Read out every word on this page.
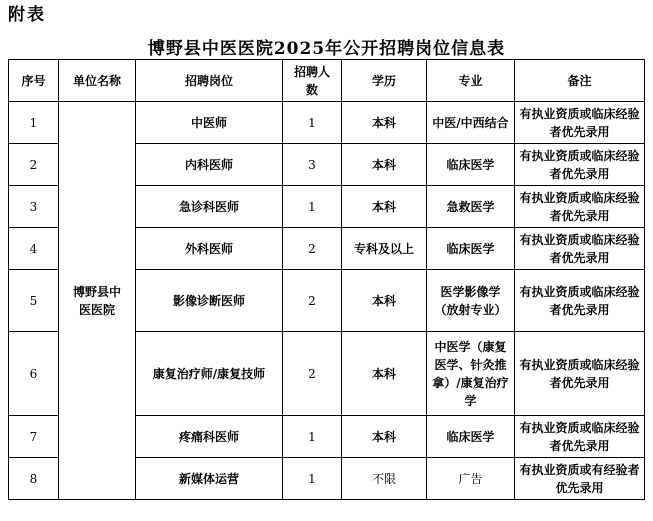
附表
博野县中医医院2025年公开招聘岗位信息表
序号	单位名称	招聘岗位	招聘人数	学历	专业	备注
1	博野县中医医院	中医师	1	本科	中医/中西结合	有执业资质或临床经验者优先录用
2		内科医师	3	本科	临床医学	有执业资质或临床经验者优先录用
3		急诊科医师	1	本科	急救医学	有执业资质或临床经验者优先录用
4		外科医师	2	专科及以上	临床医学	有执业资质或临床经验者优先录用
5		影像诊断医师	2	本科	医学影像学（放射专业）	有执业资质或临床经验者优先录用
6		康复治疗师/康复技师	2	本科	中医学（康复医学、针灸推拿）/康复治疗学	有执业资质或临床经验者优先录用
7		疼痛科医师	1	本科	临床医学	有执业资质或临床经验者优先录用
8		新媒体运营	1	不限	广告	有执业资质或有经验者优先录用
